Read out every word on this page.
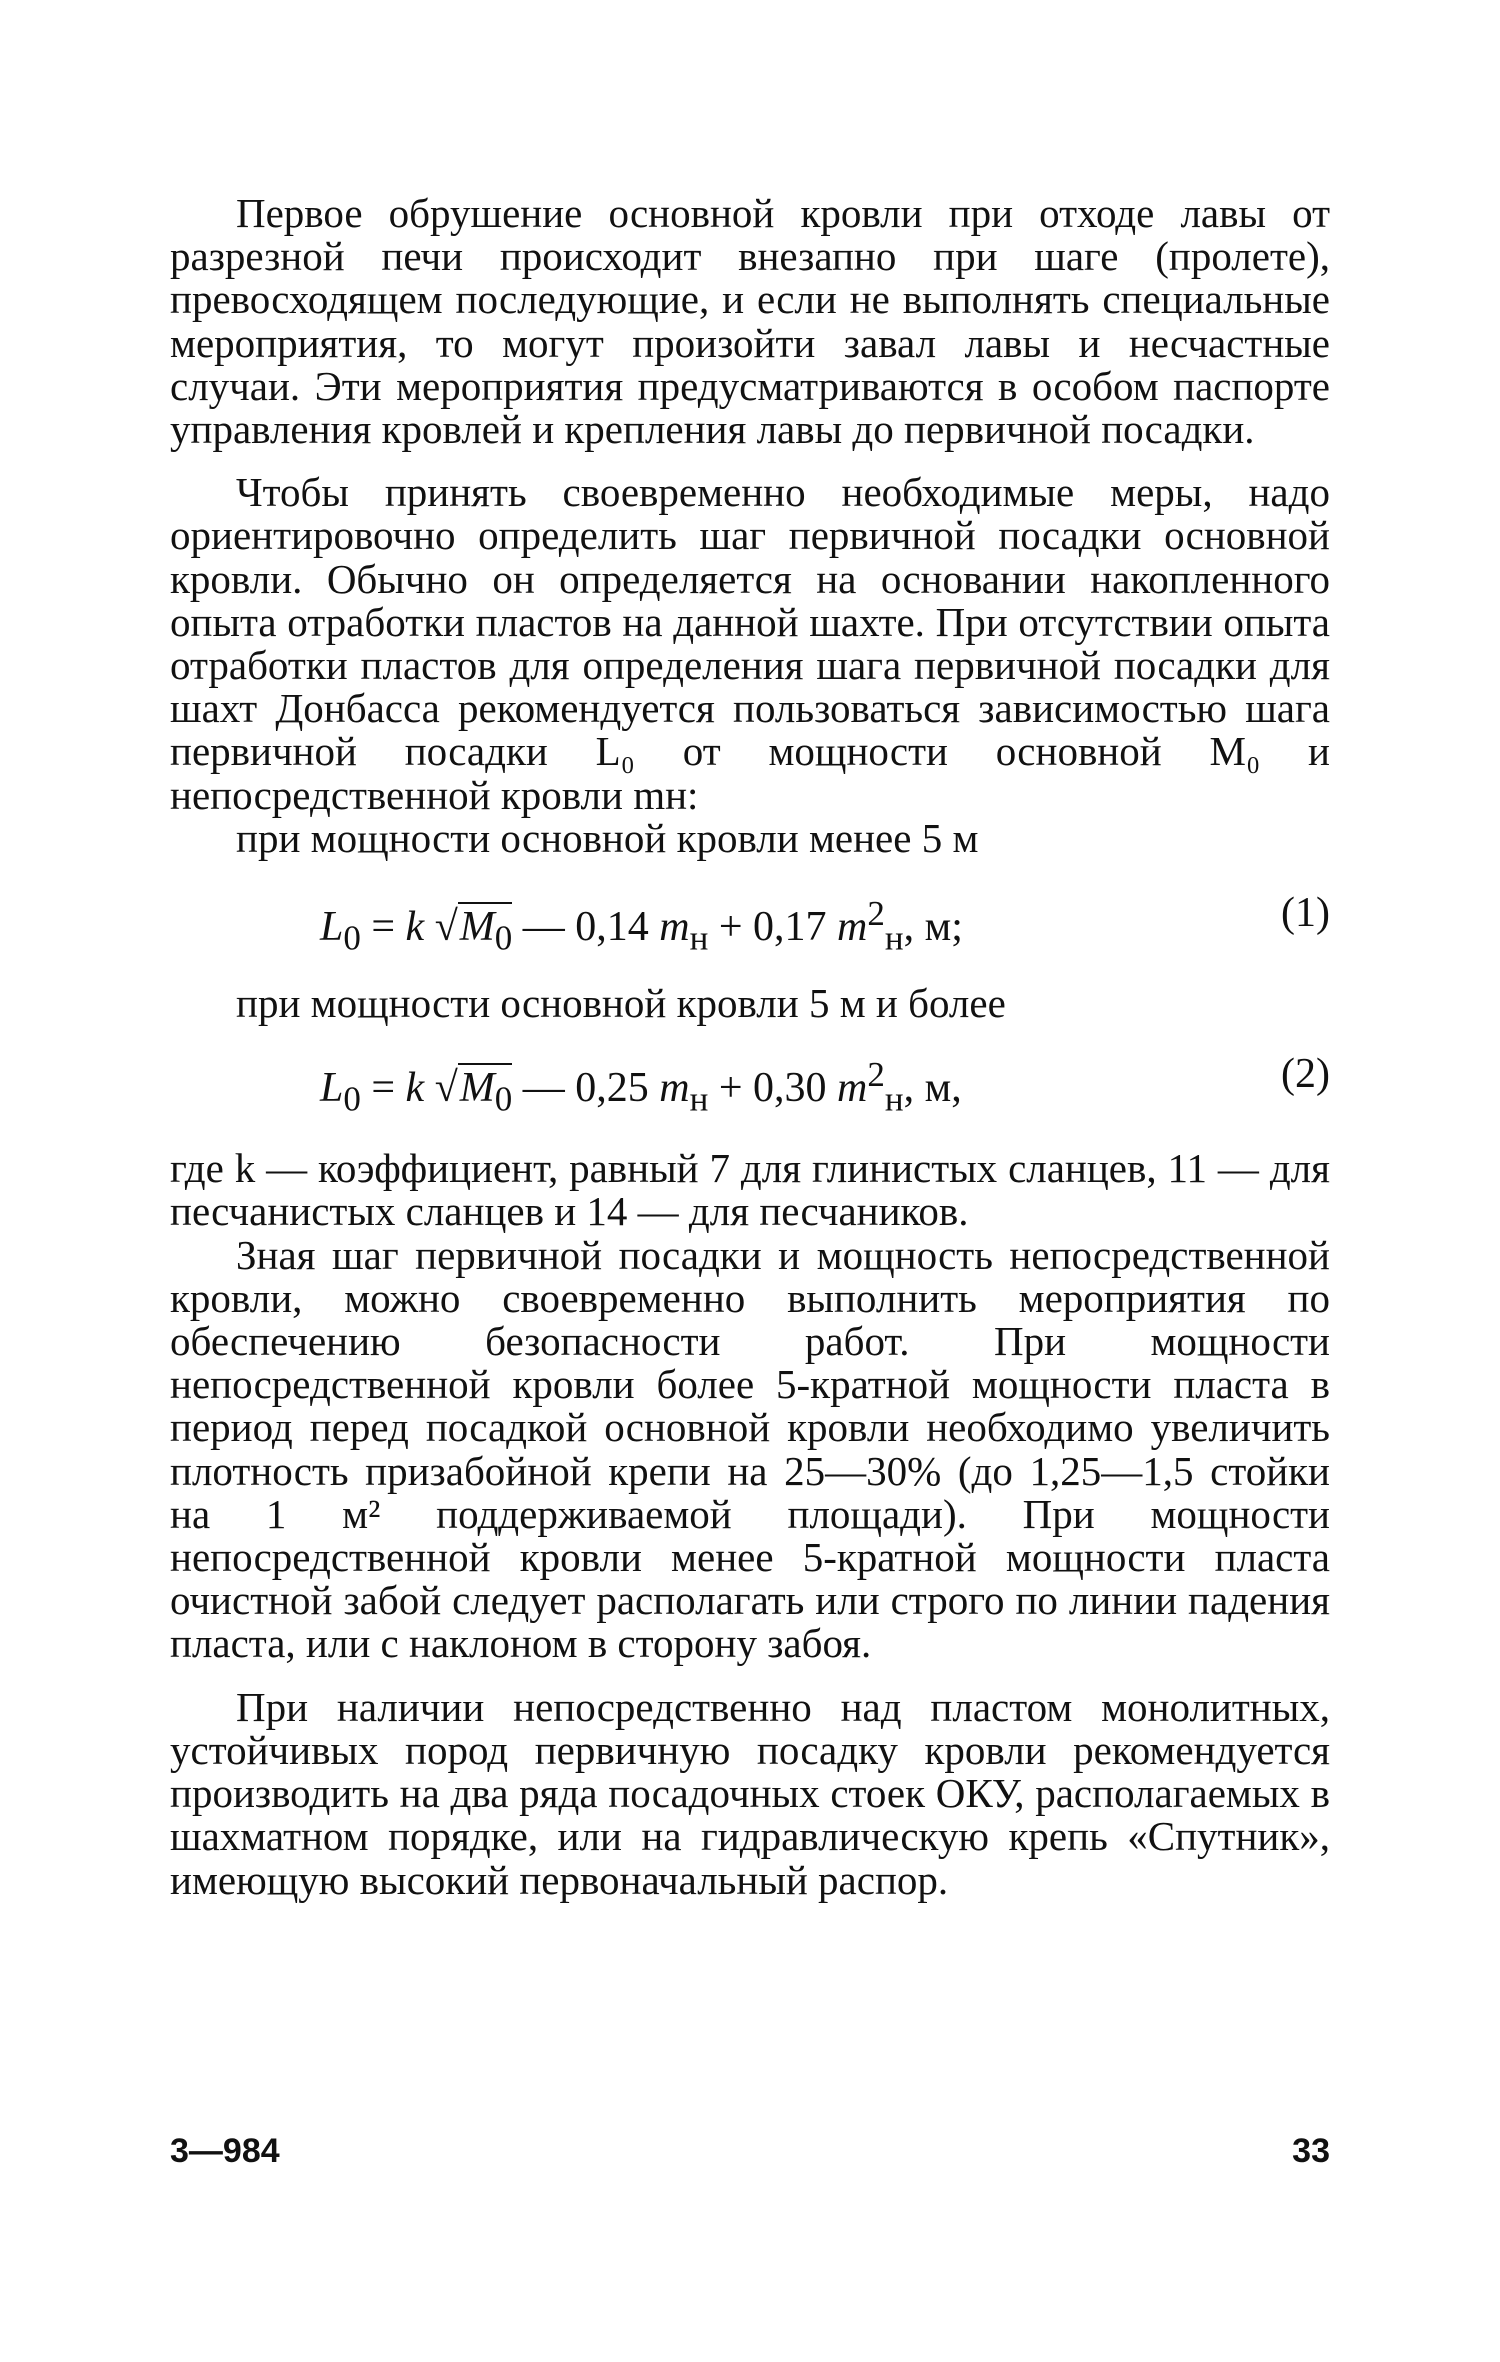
Первое обрушение основной кровли при отходе лавы от разрезной печи происходит внезапно при шаге (пролете), превосходящем последующие, и если не выполнять специальные мероприятия, то могут произойти завал лавы и несчастные случаи. Эти мероприятия предусматриваются в особом паспорте управления кровлей и крепления лавы до первичной посадки.

Чтобы принять своевременно необходимые меры, надо ориентировочно определить шаг первичной посадки основной кровли. Обычно он определяется на основании накопленного опыта отработки пластов на данной шахте. При отсутствии опыта отработки пластов для определения шага первичной посадки для шахт Донбасса рекомендуется пользоваться зависимостью шага первичной посадки L₀ от мощности основной M₀ и непосредственной кровли mн:

при мощности основной кровли менее 5 м

$L_0 = k$ $√M_0$ — 0,14 $m_н + 0,17$ $m^2_н$, м;	(1)

при мощности основной кровли 5 м и более

$L_0 = k$ $√M_0$ — 0,25 $m_н + 0,30$ $m^2_н$, м,	(2)

где k — коэффициент, равный 7 для глинистых сланцев, 11 — для песчанистых сланцев и 14 — для песчаников.

Зная шаг первичной посадки и мощность непосредственной кровли, можно своевременно выполнить мероприятия по обеспечению безопасности работ. При мощности непосредственной кровли более 5-кратной мощности пласта в период перед посадкой основной кровли необходимо увеличить плотность призабойной крепи на 25—30% (до 1,25—1,5 стойки на 1 м² поддерживаемой площади). При мощности непосредственной кровли менее 5-кратной мощности пласта очистной забой следует располагать или строго по линии падения пласта, или с наклоном в сторону забоя.

При наличии непосредственно над пластом монолитных, устойчивых пород первичную посадку кровли рекомендуется производить на два ряда посадочных стоек ОКУ, располагаемых в шахматном порядке, или на гидравлическую крепь «Спутник», имеющую высокий первоначальный распор.

3—984	33
